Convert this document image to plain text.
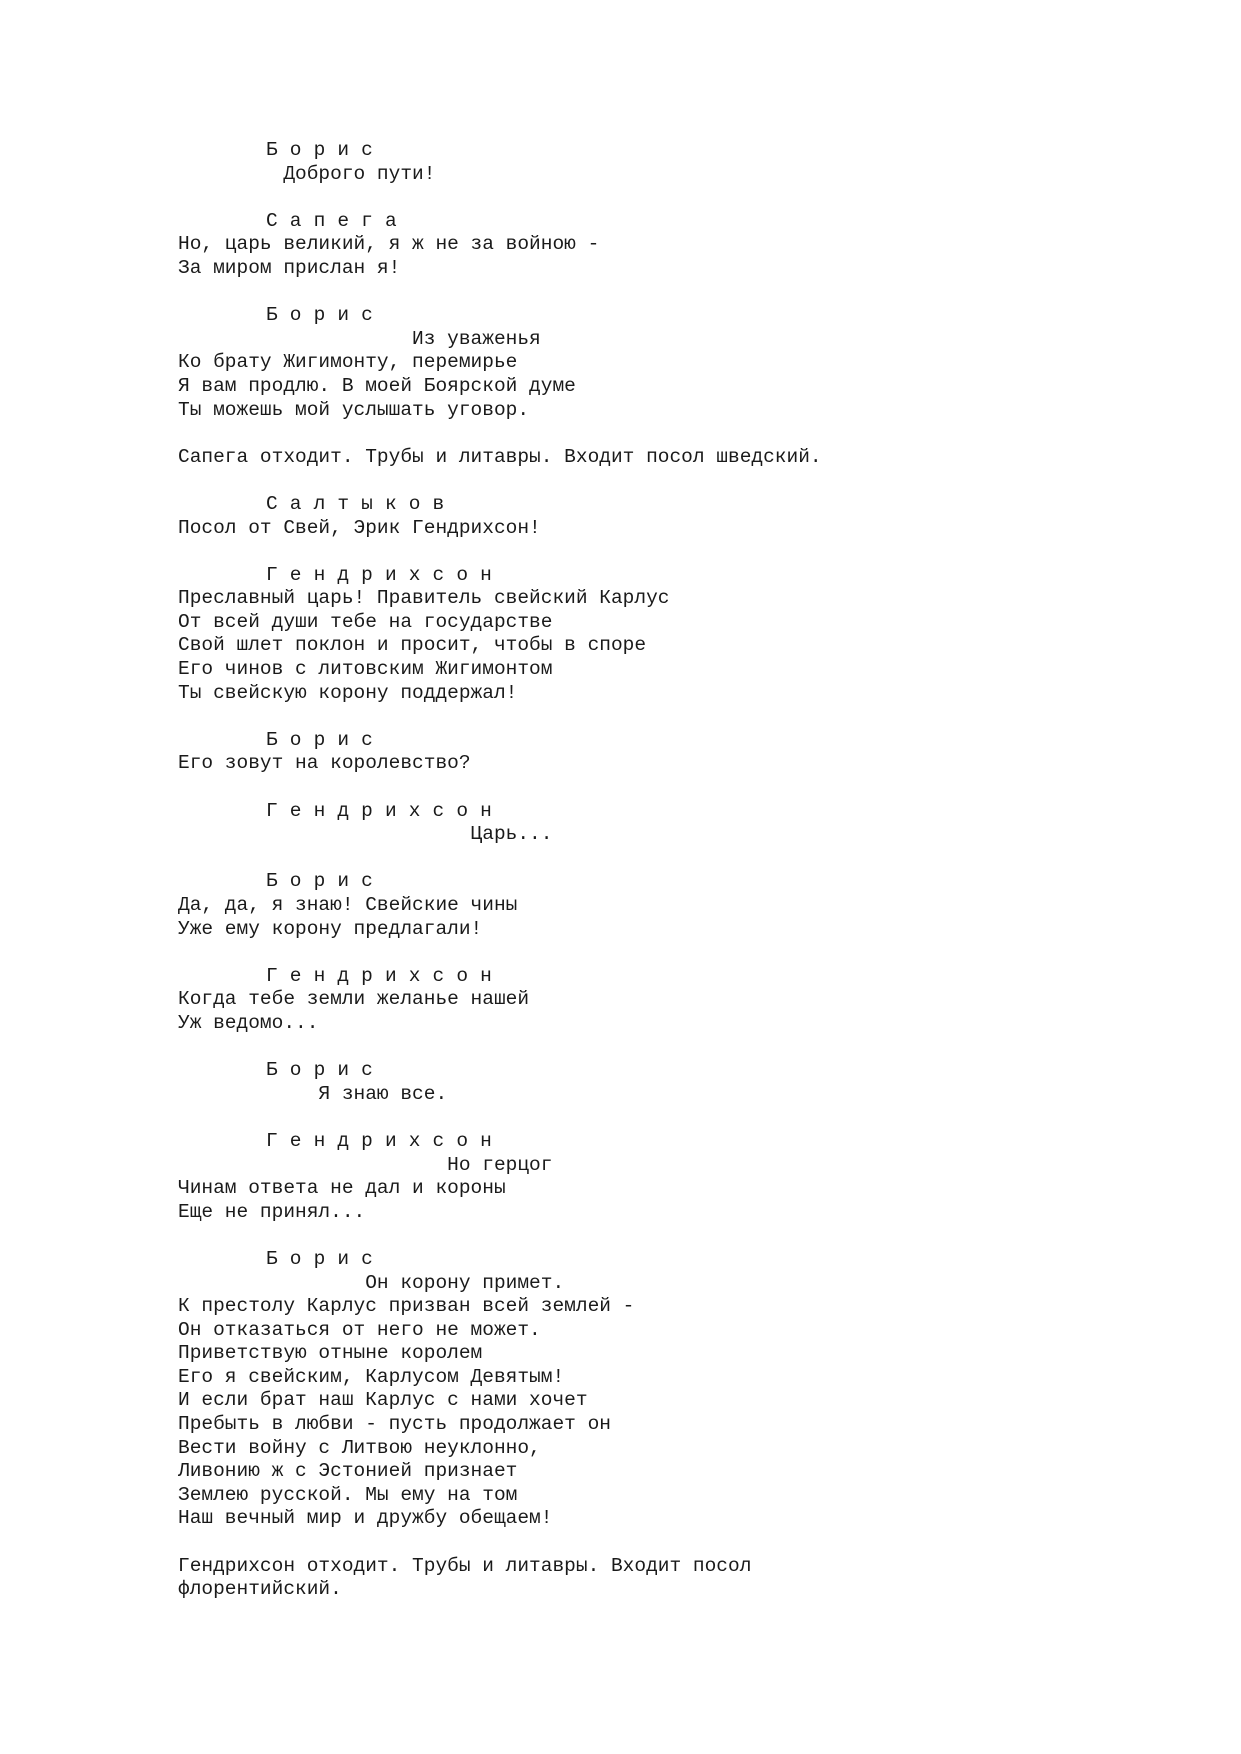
Борис
Доброго пути!
Сапега
Но, царь великий, я ж не за войною -
За миром прислан я!
Борис
Из уваженья
Ко брату Жигимонту, перемирье
Я вам продлю. В моей Боярской думе
Ты можешь мой услышать уговор.
Сапега отходит. Трубы и литавры. Входит посол шведский.
Салтыков
Посол от Свей, Эрик Гендрихсон!
Гендрихсон
Преславный царь! Правитель свейский Карлус
От всей души тебе на государстве
Свой шлет поклон и просит, чтобы в споре
Его чинов с литовским Жигимонтом
Ты свейскую корону поддержал!
Борис
Его зовут на королевство?
Гендрихсон
Царь...
Борис
Да, да, я знаю! Свейские чины
Уже ему корону предлагали!
Гендрихсон
Когда тебе земли желанье нашей
Уж ведомо...
Борис
Я знаю все.
Гендрихсон
Но герцог
Чинам ответа не дал и короны
Еще не принял...
Борис
Он корону примет.
К престолу Карлус призван всей землей -
Он отказаться от него не может.
Приветствую отныне королем
Его я свейским, Карлусом Девятым!
И если брат наш Карлус с нами хочет
Пребыть в любви - пусть продолжает он
Вести войну с Литвою неуклонно,
Ливонию ж с Эстонией признает
Землею русской. Мы ему на том
Наш вечный мир и дружбу обещаем!
Гендрихсон отходит. Трубы и литавры. Входит посол
флорентийский.
